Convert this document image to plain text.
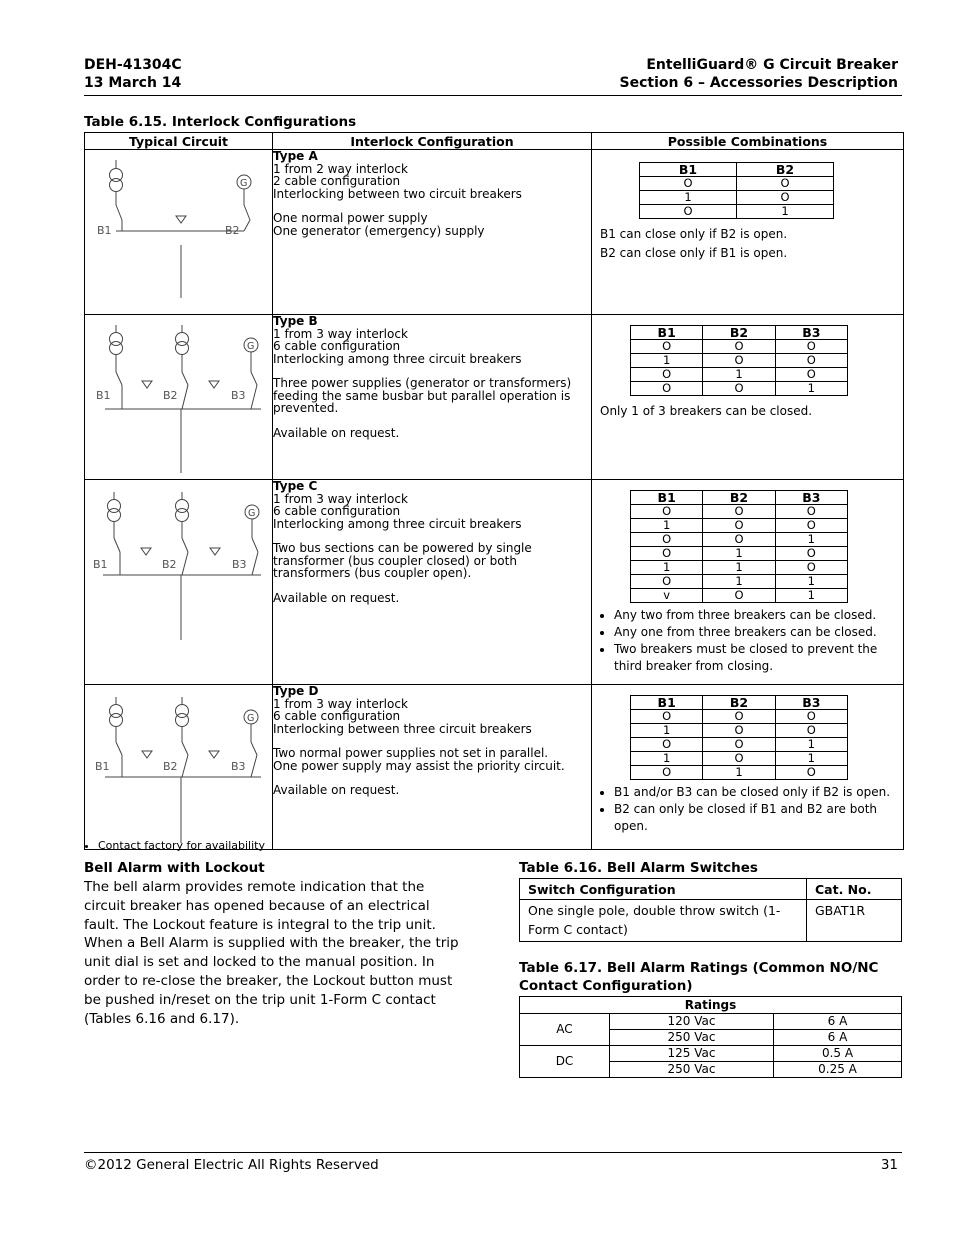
DEH-41304C
13 March 14
EntelliGuard® G Circuit Breaker
Section 6 – Accessories Description
Table 6.15. Interlock Configurations
Typical Circuit	Interlock Configuration	Possible Combinations

B1	B2
G

Type A

1 from 2 way interlock
2 cable configuration
Interlocking between two circuit breakers

One normal power supply
One generator (emergency) supply

B1	B2
O	O
1	O
O	1
B1 can close only if B2 is open.
B2 can close only if B1 is open.

B1	B2	B3
G

Type B

1 from 3 way interlock
6 cable configuration
Interlocking among three circuit breakers

Three power supplies (generator or transformers)
feeding the same busbar but parallel operation is
prevented.

Available on request.

B1	B2	B3
O	O	O
1	O	O
O	1	O
O	O	1
Only 1 of 3 breakers can be closed.

B1	B2	B3
G

Type C

1 from 3 way interlock
6 cable configuration
Interlocking among three circuit breakers

Two bus sections can be powered by single
transformer (bus coupler closed) or both
transformers (bus coupler open).

Available on request.

B1	B2	B3
O	O	O
1	O	O
O	O	1
O	1	O
1	1	O
O	1	1
v	O	1
• Any two from three breakers can be closed.
• Any one from three breakers can be closed.
• Two breakers must be closed to prevent the third breaker from closing.

B1	B2	B3
G

Type D

1 from 3 way interlock
6 cable configuration
Interlocking between three circuit breakers

Two normal power supplies not set in parallel.
One power supply may assist the priority circuit.

Available on request.

B1	B2	B3
O	O	O
1	O	O
O	O	1
1	O	1
O	1	O
• B1 and/or B3 can be closed only if B2 is open.
• B2 can only be closed if B1 and B2 are both open.
• Contact factory for availability
Bell Alarm with Lockout
The bell alarm provides remote indication that the circuit breaker has opened because of an electrical fault. The Lockout feature is integral to the trip unit. When a Bell Alarm is supplied with the breaker, the trip unit dial is set and locked to the manual position. In order to re-close the breaker, the Lockout button must be pushed in/reset on the trip unit 1-Form C contact (Tables 6.16 and 6.17).
Table 6.16. Bell Alarm Switches
Switch Configuration	Cat. No.
One single pole, double throw switch (1-Form C contact)	GBAT1R
Table 6.17. Bell Alarm Ratings (Common NO/NC Contact Configuration)
Ratings		
AC	120 Vac	6 A
	250 Vac	6 A
DC	125 Vac	0.5 A
	250 Vac	0.25 A
©2012 General Electric All Rights Reserved	31
